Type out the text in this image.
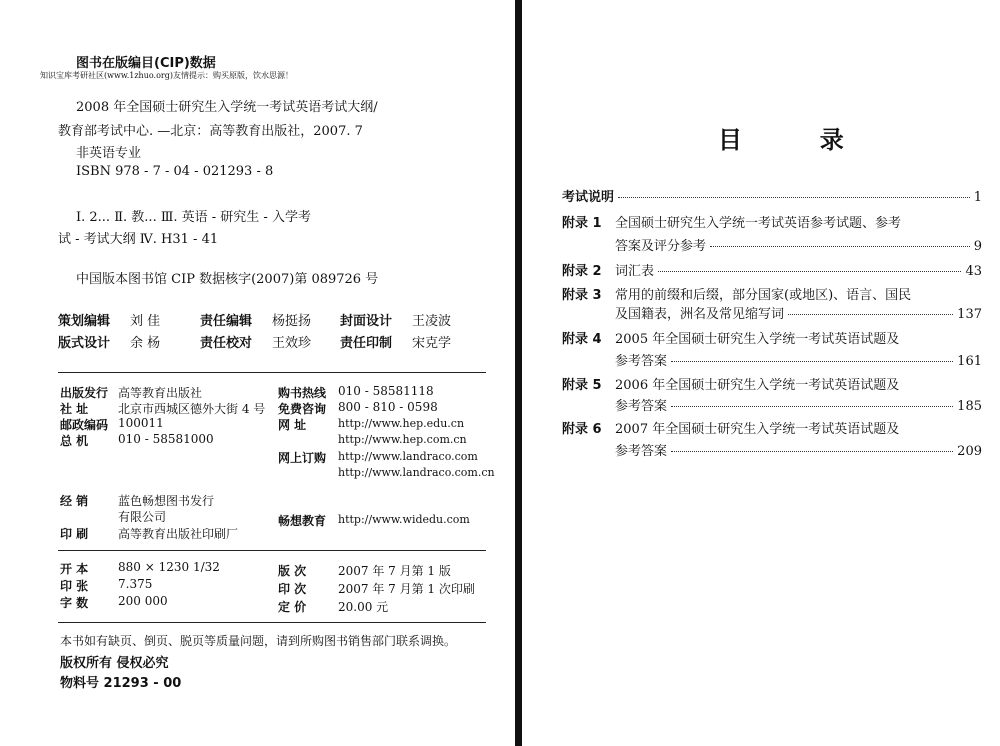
图书在版编目(CIP)数据
知识宝库考研社区(www.1zhuo.org)友情提示：购买原版，饮水思源！
2008 年全国硕士研究生入学统一考试英语考试大纲/
教育部考试中心. —北京：高等教育出版社，2007. 7
非英语专业
ISBN 978 - 7 - 04 - 021293 - 8
Ⅰ. 2... Ⅱ. 教... Ⅲ. 英语 - 研究生 - 入学考
试 - 考试大纲 Ⅳ. H31 - 41
中国版本图书馆 CIP 数据核字(2007)第 089726 号
策划编辑 刘 佳	责任编辑 杨挺扬 封面设计 王凌波
版式设计 余 杨	责任校对 王效珍 责任印制 宋克学
出版发行 高等教育出版社
社 址 北京市西城区德外大街 4 号
邮政编码 100011
总 机 010 - 58581000
购书热线 010 - 58581118
免费咨询 800 - 810 - 0598
网 址	http://www.hep.edu.cn
http://www.hep.com.cn
网上订购 http://www.landraco.com
http://www.landraco.com.cn
经 销 蓝色畅想图书发行
有限公司
印 刷 高等教育出版社印刷厂
畅想教育 http://www.widedu.com
开 本 880 × 1230 1/32
印 张 7.375
字 数 200 000
版 次	2007 年 7 月第 1 版
印 次	2007 年 7 月第 1 次印刷
定 价	20.00 元
本书如有缺页、倒页、脱页等质量问题，请到所购图书销售部门联系调换。
版权所有 侵权必究
物料号 21293 - 00
目     录
考试说明	1
附录 1 全国硕士研究生入学统一考试英语参考试题、参考
答案及评分参考	9
附录 2 词汇表	43
附录 3 常用的前缀和后缀，部分国家(或地区)、语言、国民
及国籍表，洲名及常见缩写词	137
附录 4 2005 年全国硕士研究生入学统一考试英语试题及
参考答案	161
附录 5 2006 年全国硕士研究生入学统一考试英语试题及
参考答案	185
附录 6 2007 年全国硕士研究生入学统一考试英语试题及
参考答案	209
